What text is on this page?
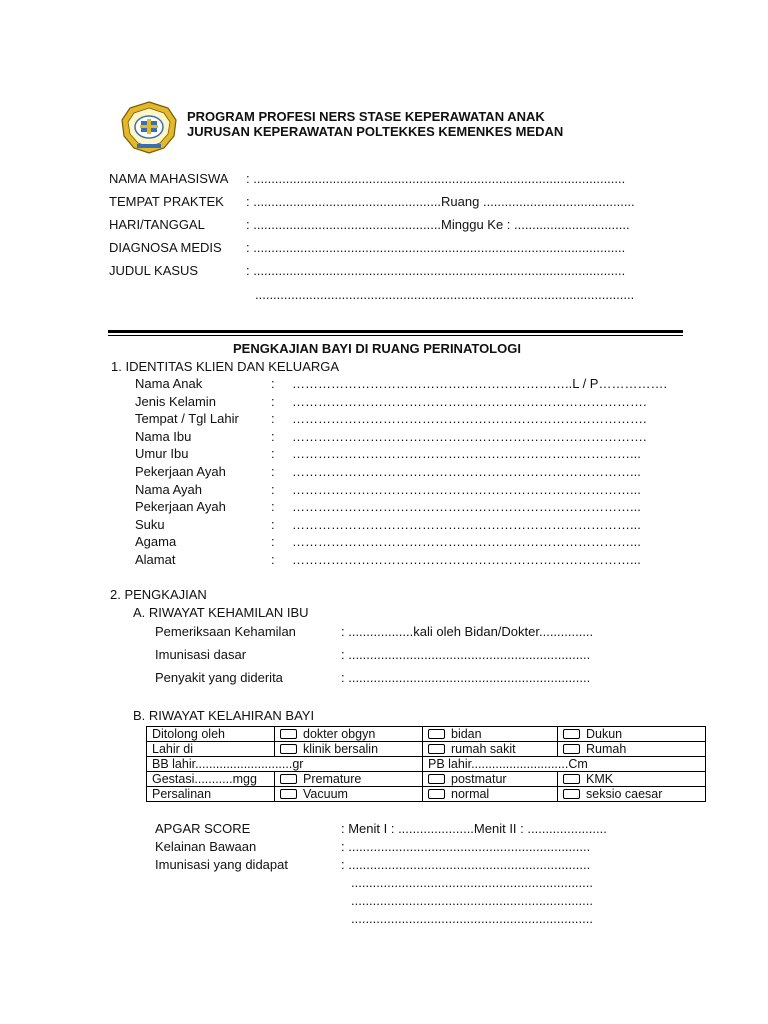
PROGRAM PROFESI NERS STASE KEPERAWATAN ANAK
JURUSAN KEPERAWATAN POLTEKKES KEMENKES MEDAN
NAMA MAHASISWA : .......................................................................................................
TEMPAT PRAKTEK : ....................................................Ruang ..........................................
HARI/TANGGAL	: ....................................................Minggu Ke : ................................
DIAGNOSA MEDIS : .......................................................................................................
JUDUL KASUS	: .......................................................................................................
.........................................................................................................
PENGKAJIAN BAYI DI RUANG PERINATOLOGI
1. IDENTITAS KLIEN DAN KELUARGA
Nama Anak	: ………………………………………………………..L / P…………….
Jenis Kelamin	: ……………………………………………………………………….
Tempat / Tgl Lahir : ……………………………………………………………………….
Nama Ibu	: ……………………………………………………………………….
Umur Ibu	: ……………………………………………………………………...
Pekerjaan Ayah	: ……………………………………………………………………...
Nama Ayah	: ……………………………………………………………………...
Pekerjaan Ayah	: ……………………………………………………………………...
Suku	: ……………………………………………………………………...
Agama	: ……………………………………………………………………...
Alamat	: ……………………………………………………………………...
2. PENGKAJIAN
A. RIWAYAT KEHAMILAN IBU
Pemeriksaan Kehamilan	: ..................kali oleh Bidan/Dokter...............
Imunisasi dasar	: ...................................................................
Penyakit yang diderita	: ...................................................................
B. RIWAYAT KELAHIRAN BAYI
Ditolong oleh	dokter obgyn	bidan	Dukun
Lahir di	klinik bersalin	rumah sakit	Rumah
BB lahir............................gr		PB lahir............................Cm	
Gestasi...........mgg	Premature	postmatur	KMK
Persalinan	Vacuum	normal	seksio caesar
APGAR SCORE	: Menit I : .....................Menit II : ......................
Kelainan Bawaan	: ...................................................................
Imunisasi yang didapat	: ...................................................................
...................................................................
...................................................................
...................................................................
